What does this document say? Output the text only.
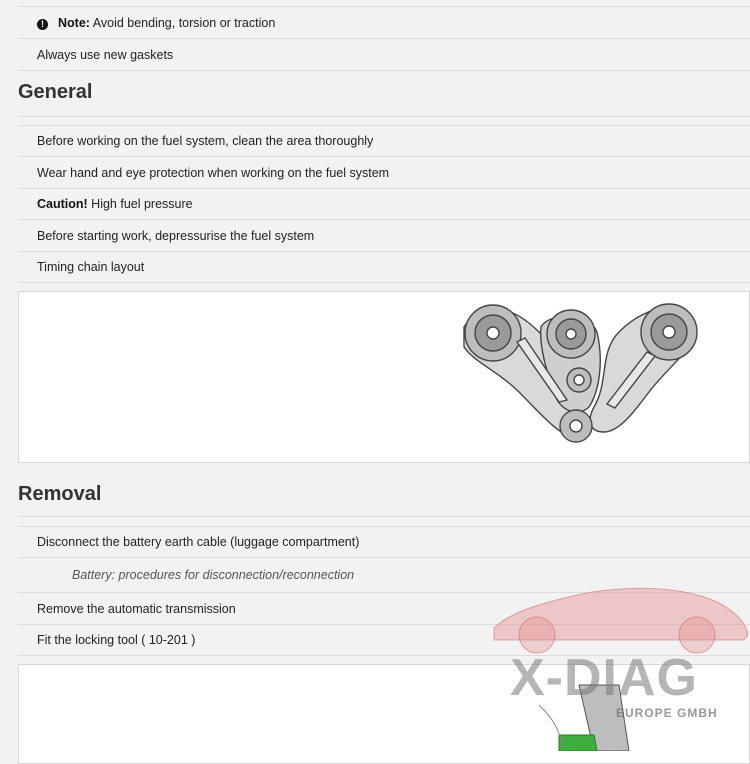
! Note: Avoid bending, torsion or traction
Always use new gaskets
General
Before working on the fuel system, clean the area thoroughly
Wear hand and eye protection when working on the fuel system
Caution! High fuel pressure
Before starting work, depressurise the fuel system
Timing chain layout
Removal
Disconnect the battery earth cable (luggage compartment)
Battery: procedures for disconnection/reconnection
Remove the automatic transmission
Fit the locking tool ( 10-201 )
X-DIAG
EUROPE GMBH
